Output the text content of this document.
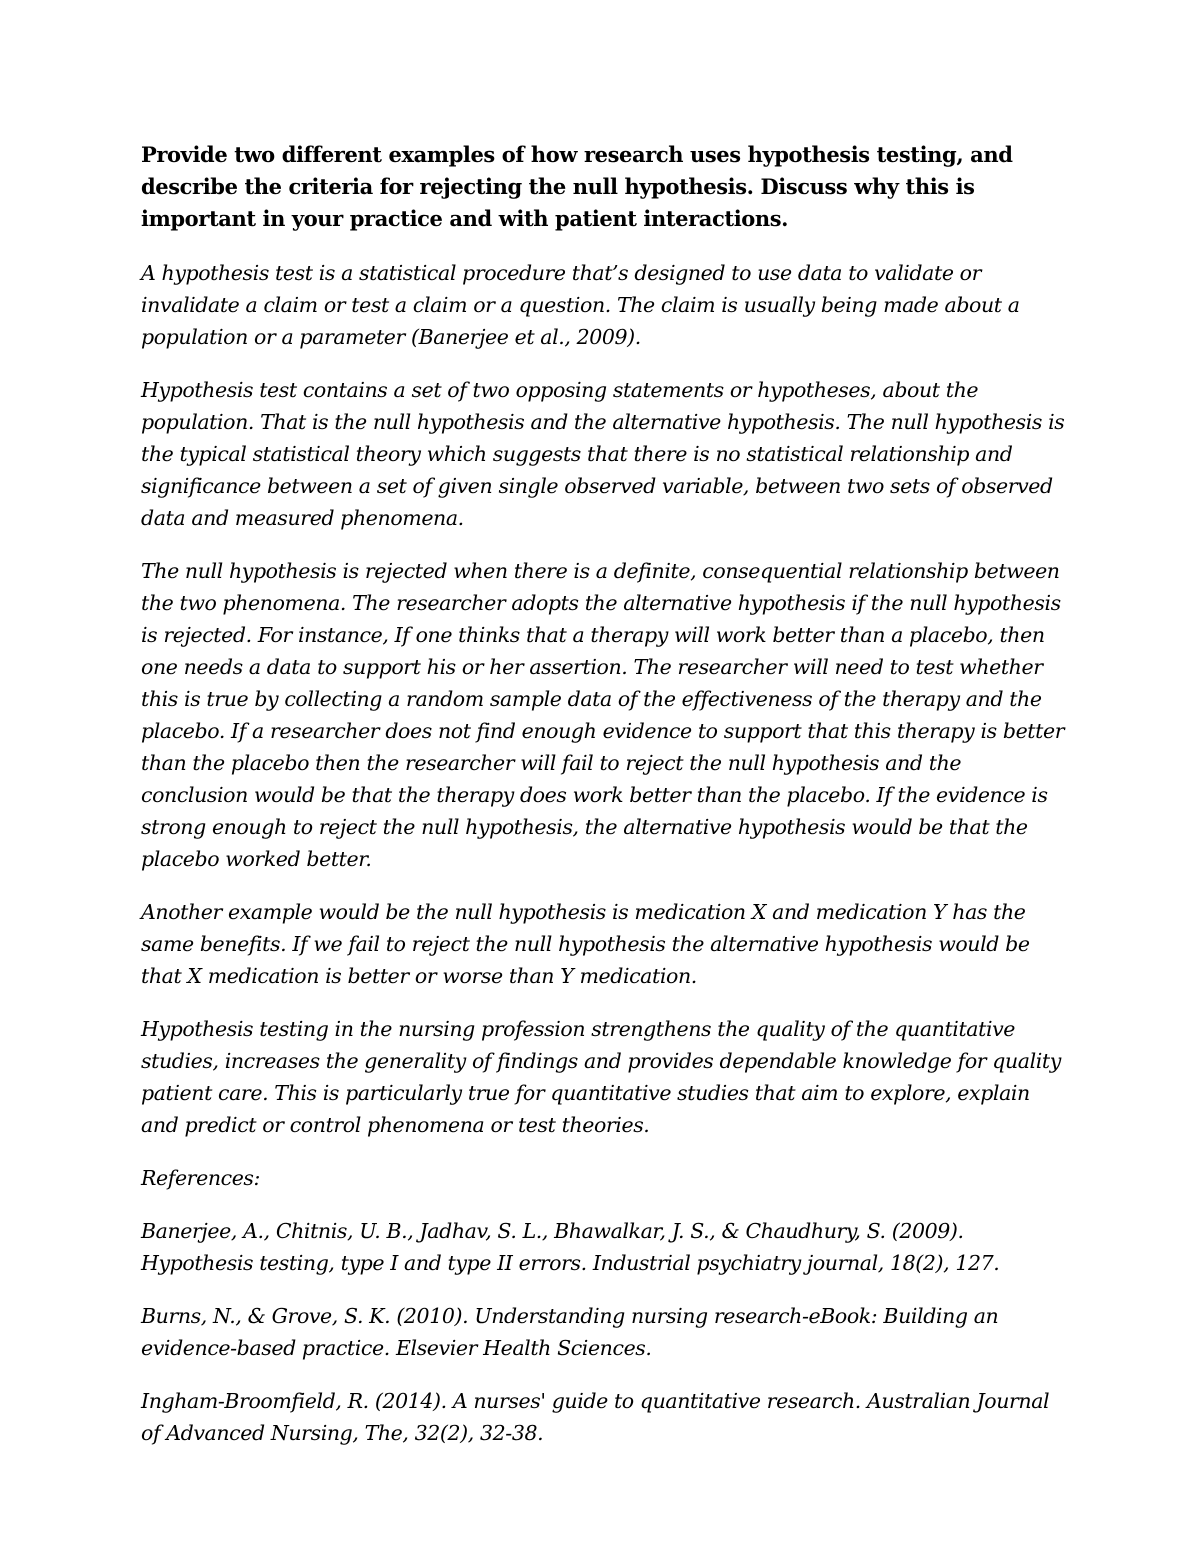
Provide two different examples of how research uses hypothesis testing, and describe the criteria for rejecting the null hypothesis. Discuss why this is important in your practice and with patient interactions.

A hypothesis test is a statistical procedure that’s designed to use data to validate or invalidate a claim or test a claim or a question. The claim is usually being made about a population or a parameter (Banerjee et al., 2009).

Hypothesis test contains a set of two opposing statements or hypotheses, about the population. That is the null hypothesis and the alternative hypothesis. The null hypothesis is the typical statistical theory which suggests that there is no statistical relationship and significance between a set of given single observed variable, between two sets of observed data and measured phenomena.

The null hypothesis is rejected when there is a definite, consequential relationship between the two phenomena. The researcher adopts the alternative hypothesis if the null hypothesis is rejected. For instance, If one thinks that a therapy will work better than a placebo, then one needs a data to support his or her assertion. The researcher will need to test whether this is true by collecting a random sample data of the effectiveness of the therapy and the placebo. If a researcher does not find enough evidence to support that this therapy is better than the placebo then the researcher will fail to reject the null hypothesis and the conclusion would be that the therapy does work better than the placebo. If the evidence is strong enough to reject the null hypothesis, the alternative hypothesis would be that the placebo worked better.

Another example would be the null hypothesis is medication X and medication Y has the same benefits. If we fail to reject the null hypothesis the alternative hypothesis would be that X medication is better or worse than Y medication.

Hypothesis testing in the nursing profession strengthens the quality of the quantitative studies, increases the generality of findings and provides dependable knowledge for quality patient care. This is particularly true for quantitative studies that aim to explore, explain and predict or control phenomena or test theories.

References:

Banerjee, A., Chitnis, U. B., Jadhav, S. L., Bhawalkar, J. S., & Chaudhury, S. (2009). Hypothesis testing, type I and type II errors. Industrial psychiatry journal, 18(2), 127.

Burns, N., & Grove, S. K. (2010). Understanding nursing research-eBook: Building an evidence-based practice. Elsevier Health Sciences.

Ingham-Broomfield, R. (2014). A nurses' guide to quantitative research. Australian Journal of Advanced Nursing, The, 32(2), 32-38.
